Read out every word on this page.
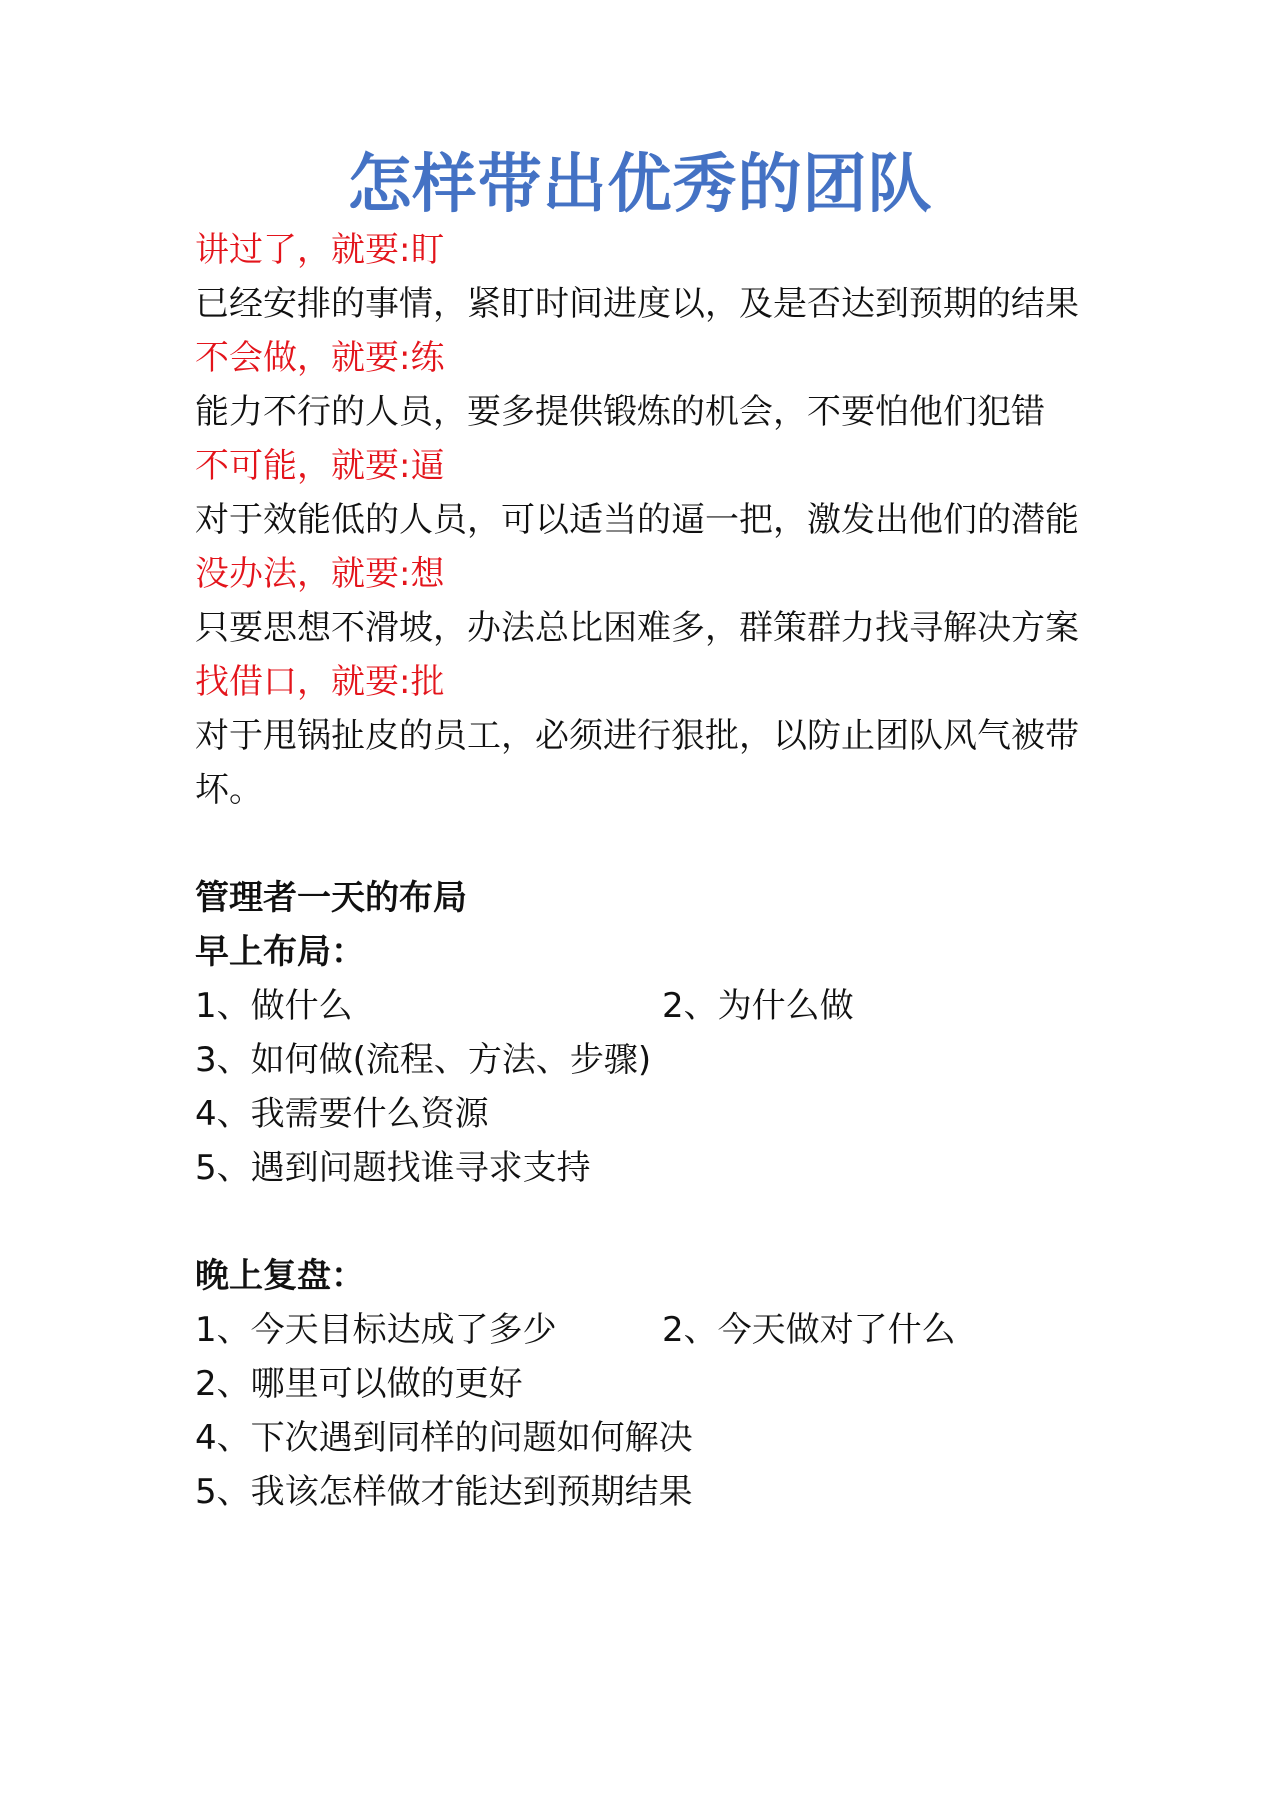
怎样带出优秀的团队
讲过了，就要:盯
已经安排的事情，紧盯时间进度以，及是否达到预期的结果
不会做，就要:练
能力不行的人员，要多提供锻炼的机会，不要怕他们犯错
不可能，就要:逼
对于效能低的人员，可以适当的逼一把，激发出他们的潜能
没办法，就要:想
只要思想不滑坡，办法总比困难多，群策群力找寻解决方案
找借口，就要:批
对于甩锅扯皮的员工，必须进行狠批，以防止团队风气被带坏。
管理者一天的布局
早上布局：
1、做什么	2、为什么做
3、如何做(流程、方法、步骤)
4、我需要什么资源
5、遇到问题找谁寻求支持
晚上复盘：
1、今天目标达成了多少	2、今天做对了什么
2、哪里可以做的更好
4、下次遇到同样的问题如何解决
5、我该怎样做才能达到预期结果
